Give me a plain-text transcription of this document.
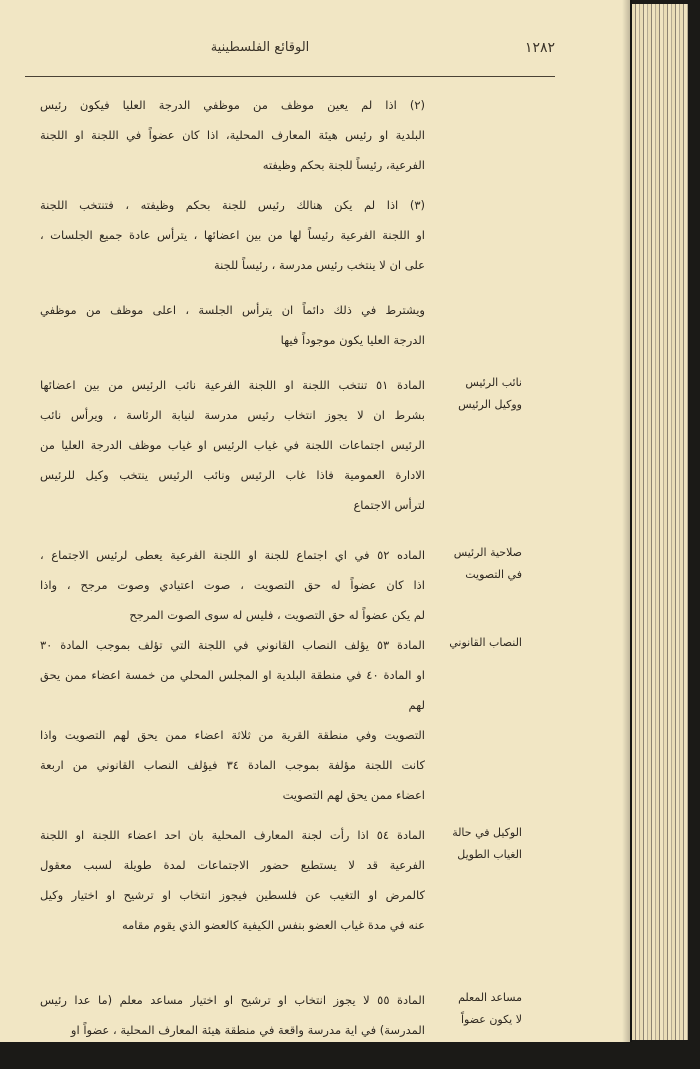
١٢٨٢
الوقائع الفلسطينية
(٢) اذا لم يعين موظف من موظفي الدرجة العليا فيكون رئيس
البلدية او رئيس هيئة المعارف المحلية، اذا كان عضواً في اللجنة او اللجنة
الفرعية، رئيساً للجنة بحكم وظيفته
(٣) اذا لم يكن هنالك رئيس للجنة بحكم وظيفته ، فتنتخب اللجنة
او اللجنة الفرعية رئيساً لها من بين اعضائها ، يترأس عادة جميع الجلسات ،
على ان لا ينتخب رئيس مدرسة ، رئيساً للجنة
ويشترط في ذلك دائماً ان يترأس الجلسة ، اعلى موظف من موظفي
الدرجة العليا يكون موجوداً فيها
المادة ٥١ تنتخب اللجنة او اللجنة الفرعية نائب الرئيس من بين اعضائها
بشرط ان لا يجوز انتخاب رئيس مدرسة لنيابة الرئاسة ، ويرأس نائب
الرئيس اجتماعات اللجنة في غياب الرئيس او غياب موظف الدرجة العليا من
الادارة العمومية فاذا غاب الرئيس ونائب الرئيس ينتخب وكيل للرئيس
لترأس الاجتماع
نائب الرئيس
ووكيل الرئيس
الماده ٥٢ في اي اجتماع للجنة او اللجنة الفرعية يعطى لرئيس الاجتماع ،
اذا كان عضواً له حق التصويت ، صوت اعتيادي وصوت مرجح ، واذا
لم يكن عضواً له حق التصويت ، فليس له سوى الصوت المرجح
صلاحية الرئيس
في التصويت
المادة ٥٣ يؤلف النصاب القانوني في اللجنة التي تؤلف بموجب المادة ٣٠
او المادة ٤٠ في منطقة البلدية او المجلس المحلي من خمسة اعضاء ممن يحق لهم
التصويت وفي منطقة القرية من ثلاثة اعضاء ممن يحق لهم التصويت واذا
كانت اللجنة مؤلفة بموجب المادة ٣٤ فيؤلف النصاب القانوني من اربعة
اعضاء ممن يحق لهم التصويت
النصاب القانوني
المادة ٥٤ اذا رأت لجنة المعارف المحلية بان احد اعضاء اللجنة او اللجنة
الفرعية قد لا يستطيع حضور الاجتماعات لمدة طويلة لسبب معقول
كالمرض او التغيب عن فلسطين فيجوز انتخاب او ترشيح او اختيار وكيل
عنه في مدة غياب العضو بنفس الكيفية كالعضو الذي يقوم مقامه
الوكيل في حالة
الغياب الطويل
المادة ٥٥ لا يجوز انتخاب او ترشيح او اختيار مساعد معلم (ما عدا رئيس
المدرسة) في اية مدرسة واقعة في منطقة هيئة المعارف المحلية ، عضواً او
مساعد المعلم
لا يكون عضواً
